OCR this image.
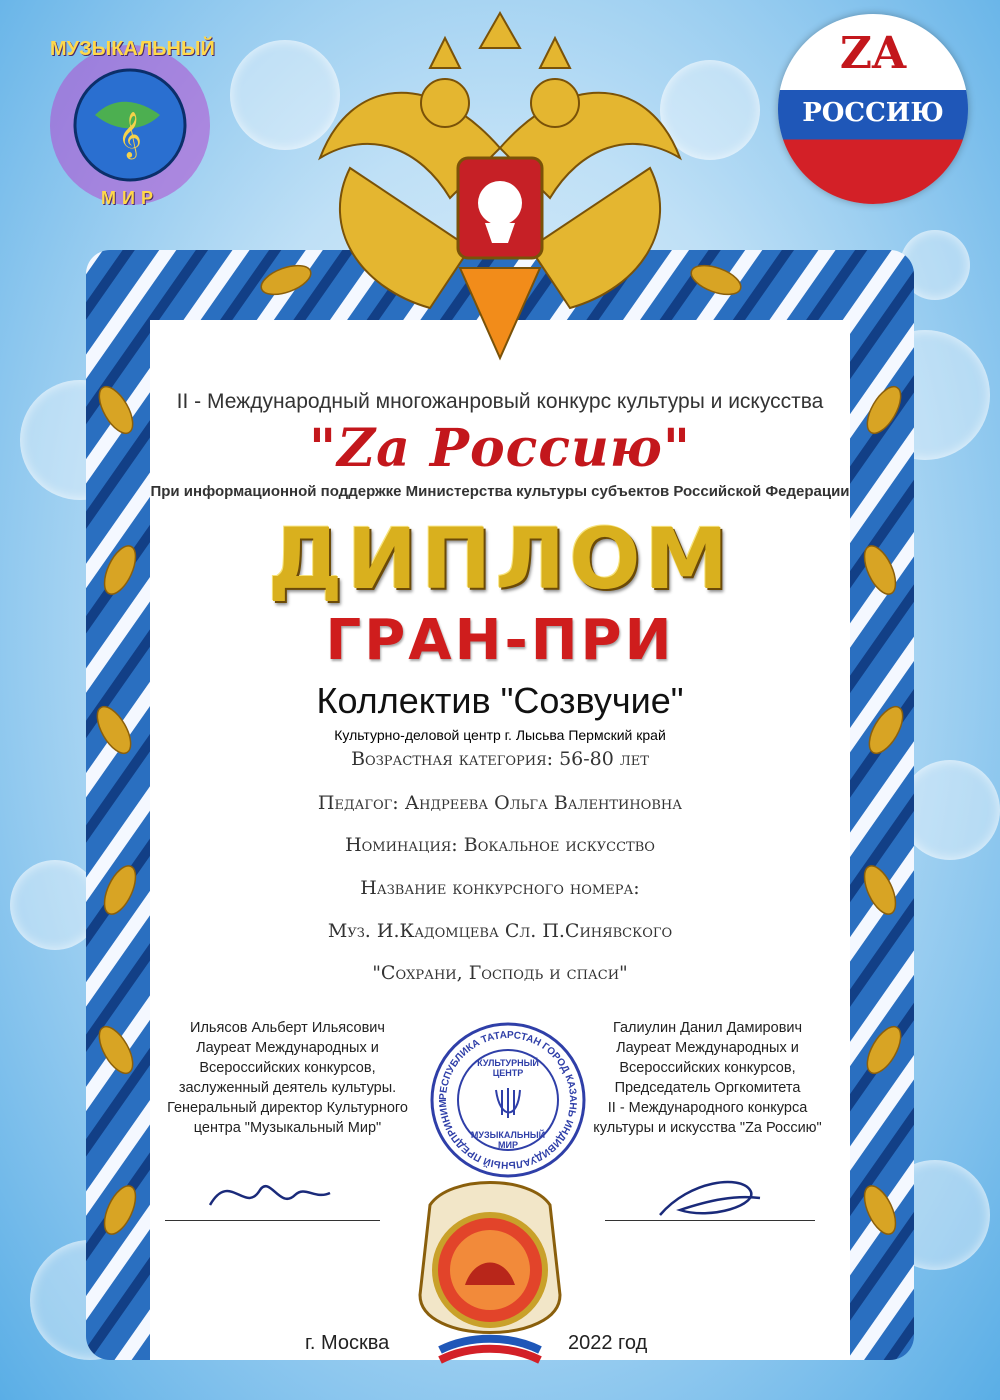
𝄞
МУЗЫКАЛЬНЫЙ
МИР
ZA
РОССИЮ

II - Международный многожанровый конкурс культуры и искусства

"Zа Россию"

При информационной поддержке Министерства культуры субъектов Российской Федерации

ДИПЛОМ

ГРАН-ПРИ

Коллектив "Созвучие"

Культурно-деловой центр г. Лысьва Пермский край

Возрастная категория: 56-80 лет

Педагог: Андреева Ольга Валентиновна

Номинация: Вокальное искусство

Название конкурсного номера:

Муз. И.Кадомцева Сл. П.Синявского

"Сохрани, Господь и спаси"

Ильясов Альберт Ильясович
Лауреат Международных и
Всероссийских конкурсов,
заслуженный деятель культуры.
Генеральный директор Культурного
центра "Музыкальный Мир"
Галиулин Данил Дамирович
Лауреат Международных и
Всероссийских конкурсов,
Председатель Оргкомитета
II - Международного конкурса
культуры и искусства "Zа Россию"
РЕСПУБЛИКА ТАТАРСТАН ГОРОД КАЗАНЬ ИНДИВИДУАЛЬНЫЙ ПРЕДПРИНИМ
КУЛЬТУРНЫЙ ЦЕНТР
МУЗЫКАЛЬНЫЙ МИР
г. Москва	2022 год
